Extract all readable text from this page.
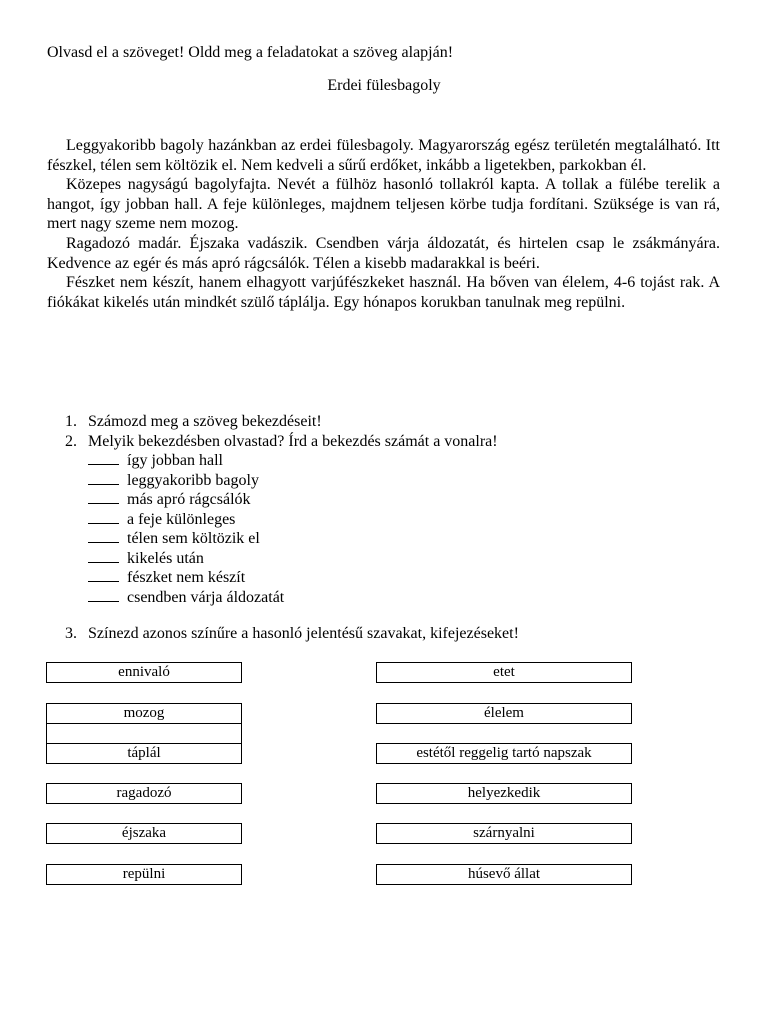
Olvasd el a szöveget! Oldd meg a feladatokat a szöveg alapján!
Erdei fülesbagoly

Leggyakoribb bagoly hazánkban az erdei fülesbagoly. Magyarország egész területén megtalálható. Itt fészkel, télen sem költözik el. Nem kedveli a sűrű erdőket, inkább a ligetekben, parkokban él.

Közepes nagyságú bagolyfajta. Nevét a fülhöz hasonló tollakról kapta. A tollak a fülébe terelik a hangot, így jobban hall. A feje különleges, majdnem teljesen körbe tudja fordítani. Szüksége is van rá, mert nagy szeme nem mozog.

Ragadozó madár. Éjszaka vadászik. Csendben várja áldozatát, és hirtelen csap le zsákmányára. Kedvence az egér és más apró rágcsálók. Télen a kisebb madarakkal is beéri.

Fészket nem készít, hanem elhagyott varjúfészkeket használ. Ha bőven van élelem, 4-6 tojást rak. A fiókákat kikelés után mindkét szülő táplálja. Egy hónapos korukban tanulnak meg repülni.

1. Számozd meg a szöveg bekezdéseit!
2. Melyik bekezdésben olvastad? Írd a bekezdés számát a vonalra!
így jobban hall
leggyakoribb bagoly
más apró rágcsálók
a feje különleges
télen sem költözik el
kikelés után
fészket nem készít
csendben várja áldozatát
3. Színezd azonos színűre a hasonló jelentésű szavakat, kifejezéseket!
ennivaló
mozog
táplál
ragadozó
éjszaka
repülni
etet
élelem
estétől reggelig tartó napszak
helyezkedik
szárnyalni
húsevő állat
